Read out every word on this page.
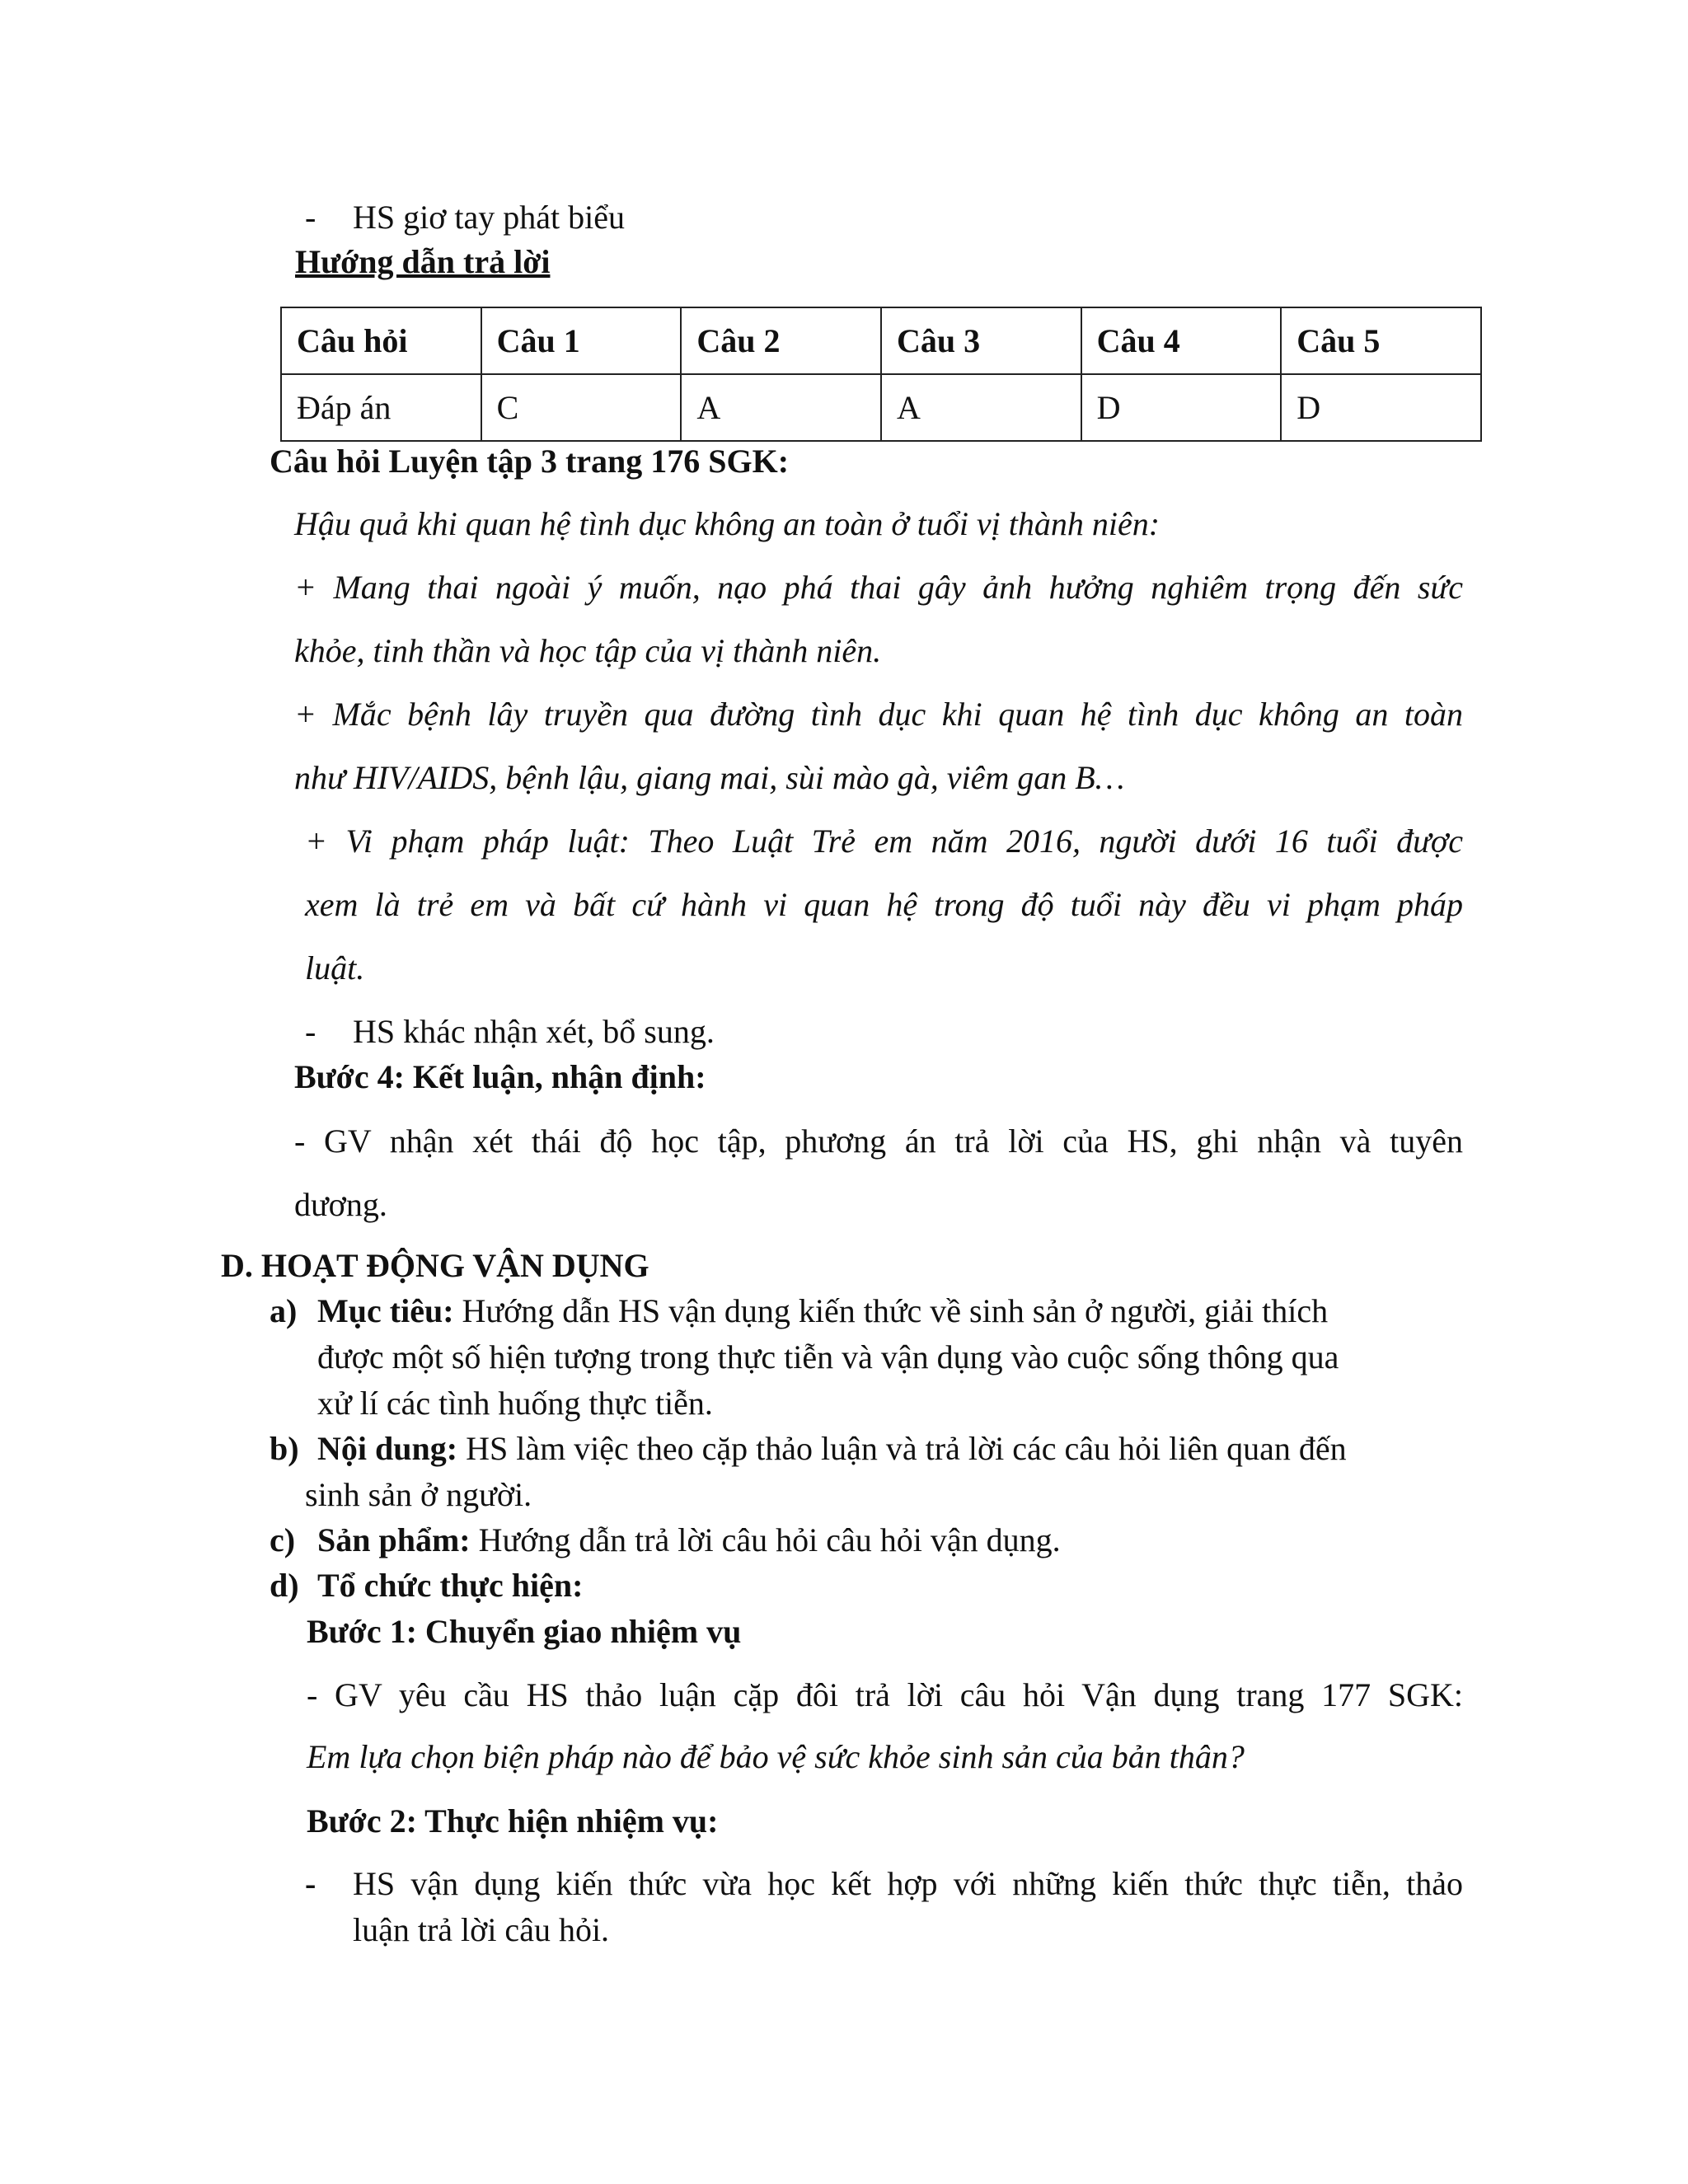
- HS giơ tay phát biểu
Hướng dẫn trả lời
Câu hỏi	Câu 1	Câu 2	Câu 3	Câu 4	Câu 5
Đáp án	C	A	A	D	D
Câu hỏi Luyện tập 3 trang 176 SGK:
Hậu quả khi quan hệ tình dục không an toàn ở tuổi vị thành niên:
+ Mang thai ngoài ý muốn, nạo phá thai gây ảnh hưởng nghiêm trọng đến sức
khỏe, tinh thần và học tập của vị thành niên.
+ Mắc bệnh lây truyền qua đường tình dục khi quan hệ tình dục không an toàn
như HIV/AIDS, bệnh lậu, giang mai, sùi mào gà, viêm gan B…
+ Vi phạm pháp luật: Theo Luật Trẻ em năm 2016, người dưới 16 tuổi được
xem là trẻ em và bất cứ hành vi quan hệ trong độ tuổi này đều vi phạm pháp
luật.
- HS khác nhận xét, bổ sung.
Bước 4: Kết luận, nhận định:
- GV nhận xét thái độ học tập, phương án trả lời của HS, ghi nhận và tuyên
dương.
D. HOẠT ĐỘNG VẬN DỤNG
a) Mục tiêu: Hướng dẫn HS vận dụng kiến thức về sinh sản ở người, giải thích
được một số hiện tượng trong thực tiễn và vận dụng vào cuộc sống thông qua
xử lí các tình huống thực tiễn.
b) Nội dung: HS làm việc theo cặp thảo luận và trả lời các câu hỏi liên quan đến
sinh sản ở người.
c) Sản phẩm: Hướng dẫn trả lời câu hỏi câu hỏi vận dụng.
d) Tổ chức thực hiện:
Bước 1: Chuyển giao nhiệm vụ
- GV yêu cầu HS thảo luận cặp đôi trả lời câu hỏi Vận dụng trang 177 SGK:
Em lựa chọn biện pháp nào để bảo vệ sức khỏe sinh sản của bản thân?
Bước 2: Thực hiện nhiệm vụ:
- HS vận dụng kiến thức vừa học kết hợp với những kiến thức thực tiễn, thảo
luận trả lời câu hỏi.
